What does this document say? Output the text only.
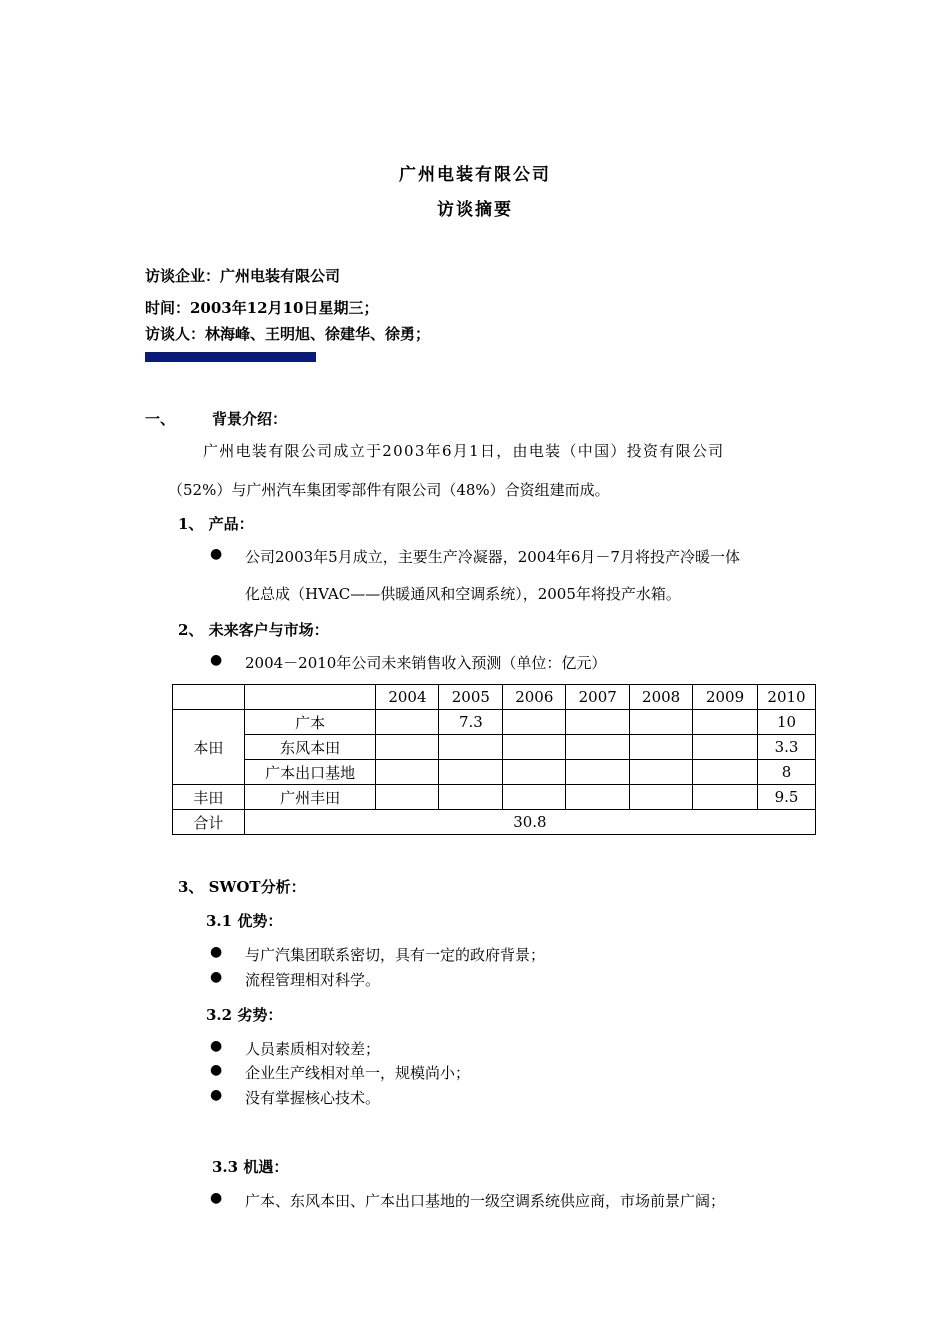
广州电装有限公司
访谈摘要
访谈企业：广州电装有限公司
时间：2003年12月10日星期三；
访谈人：林海峰、王明旭、徐建华、徐勇；
一、 背景介绍：
广州电装有限公司成立于2003年6月1日，由电装（中国）投资有限公司
（52%）与广州汽车集团零部件有限公司（48%）合资组建而成。
1、 产品：
● 公司2003年5月成立，主要生产冷凝器，2004年6月－7月将投产冷暖一体
化总成（HVAC——供暖通风和空调系统），2005年将投产水箱。
2、 未来客户与市场：
● 2004－2010年公司未来销售收入预测（单位：亿元）
		2004	2005	2006	2007	2008	2009	2010
本田	广本		7.3					10
	东风本田							3.3
	广本出口基地							8
丰田	广州丰田							9.5
合计	30.8							
3、 SWOT分析：
3.1 优势：
● 与广汽集团联系密切，具有一定的政府背景；
● 流程管理相对科学。
3.2 劣势：
● 人员素质相对较差；
● 企业生产线相对单一，规模尚小；
● 没有掌握核心技术。
3.3 机遇：
● 广本、东风本田、广本出口基地的一级空调系统供应商，市场前景广阔；
